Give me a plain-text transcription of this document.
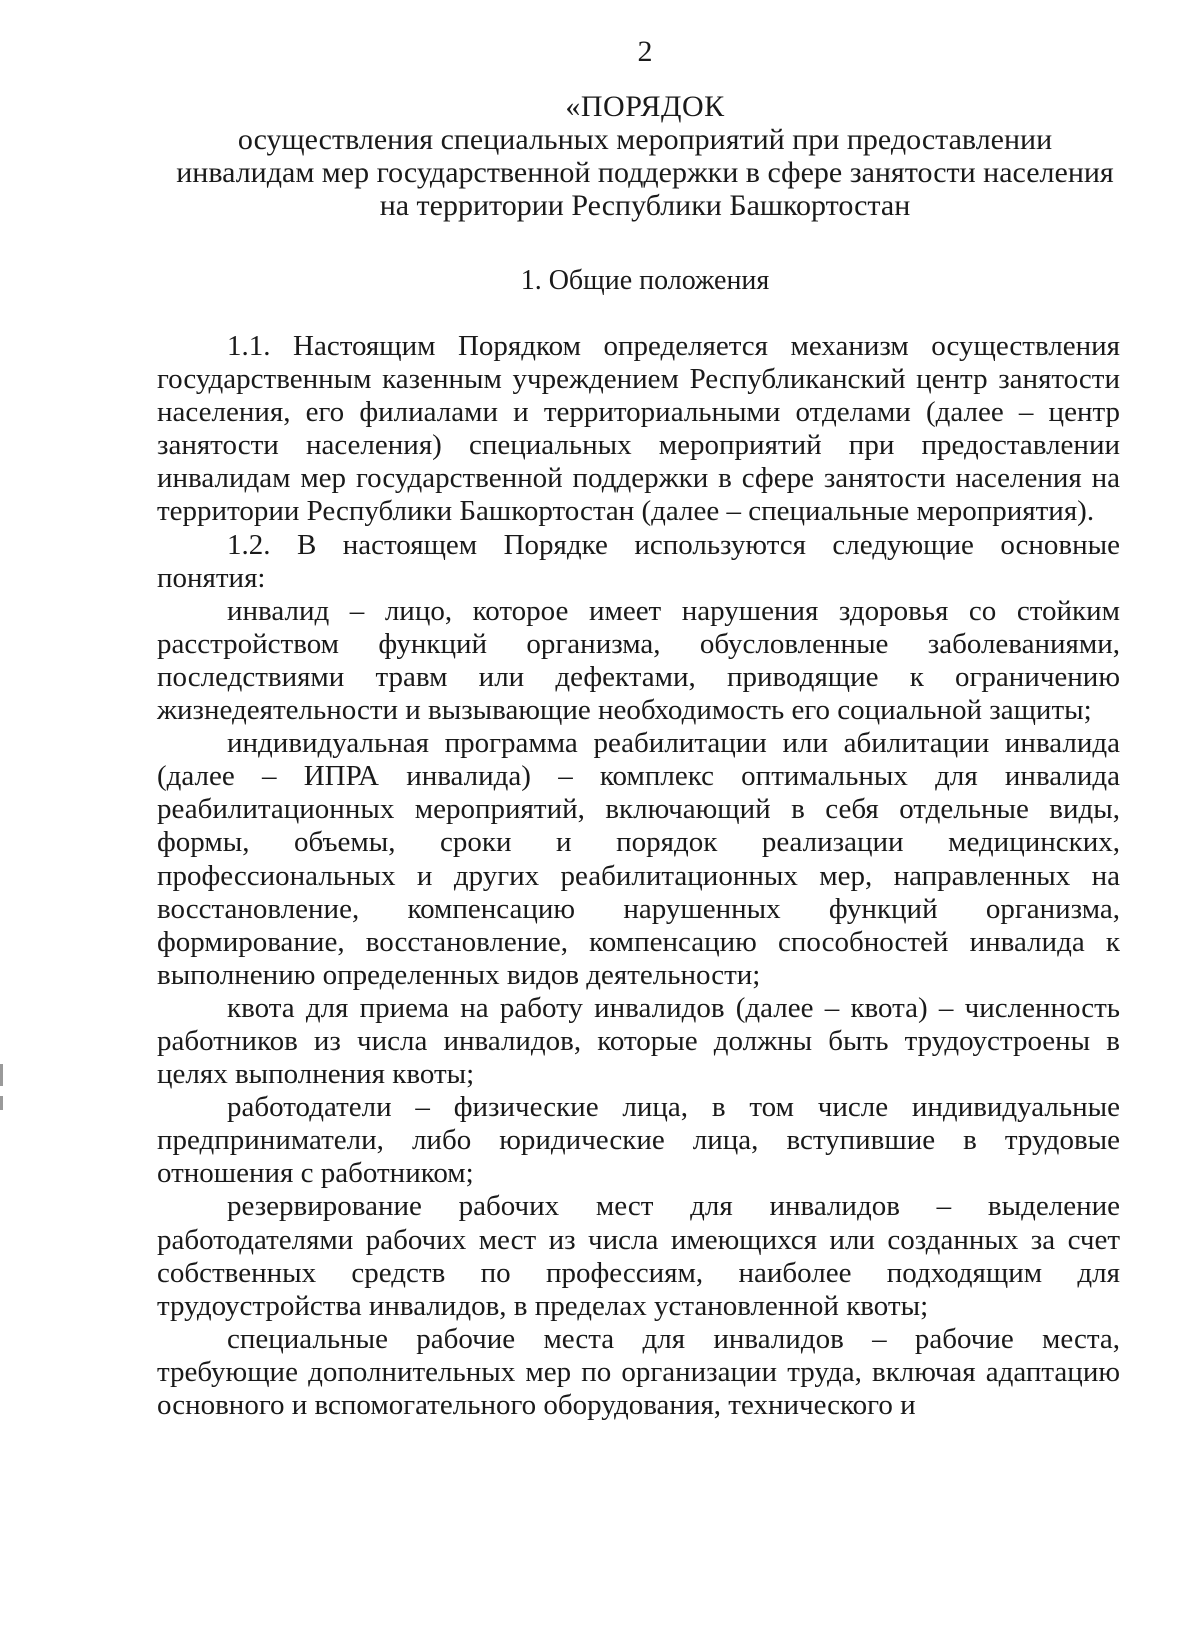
2
«ПОРЯДОК
осуществления специальных мероприятий при предоставлении
инвалидам мер государственной поддержки в сфере занятости населения
на территории Республики Башкортостан
1. Общие положения

1.1. Настоящим Порядком определяется механизм осуществления государственным казенным учреждением Республиканский центр занятости населения, его филиалами и территориальными отделами (далее – центр занятости населения) специальных мероприятий при предоставлении инвалидам мер государственной поддержки в сфере занятости населения на территории Республики Башкортостан (далее – специальные мероприятия).

1.2. В настоящем Порядке используются следующие основные понятия:

инвалид – лицо, которое имеет нарушения здоровья со стойким расстройством функций организма, обусловленные заболеваниями, последствиями травм или дефектами, приводящие к ограничению жизнедеятельности и вызывающие необходимость его социальной защиты;

индивидуальная программа реабилитации или абилитации инвалида (далее – ИПРА инвалида) – комплекс оптимальных для инвалида реабилитационных мероприятий, включающий в себя отдельные виды, формы, объемы, сроки и порядок реализации медицинских, профессиональных и других реабилитационных мер, направленных на восстановление, компенсацию нарушенных функций организма, формирование, восстановление, компенсацию способностей инвалида к выполнению определенных видов деятельности;

квота для приема на работу инвалидов (далее – квота) – численность работников из числа инвалидов, которые должны быть трудоустроены в целях выполнения квоты;

работодатели – физические лица, в том числе индивидуальные предприниматели, либо юридические лица, вступившие в трудовые отношения с работником;

резервирование рабочих мест для инвалидов – выделение работодателями рабочих мест из числа имеющихся или созданных за счет собственных средств по профессиям, наиболее подходящим для трудоустройства инвалидов, в пределах установленной квоты;

специальные рабочие места для инвалидов – рабочие места, требующие дополнительных мер по организации труда, включая адаптацию основного и вспомогательного оборудования, технического и
